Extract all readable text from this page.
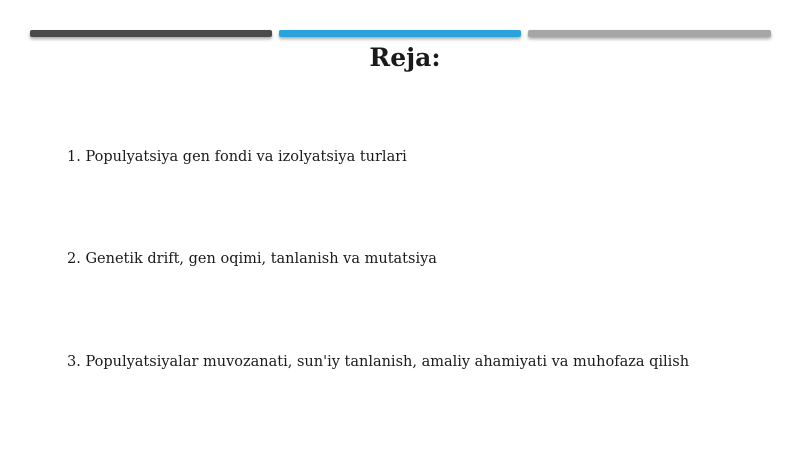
Reja:
1. Populyatsiya gen fondi va izolyatsiya turlari
2. Genetik drift, gen oqimi, tanlanish va mutatsiya
3. Populyatsiyalar muvozanati, sun'iy tanlanish, amaliy ahamiyati va muhofaza qilish
